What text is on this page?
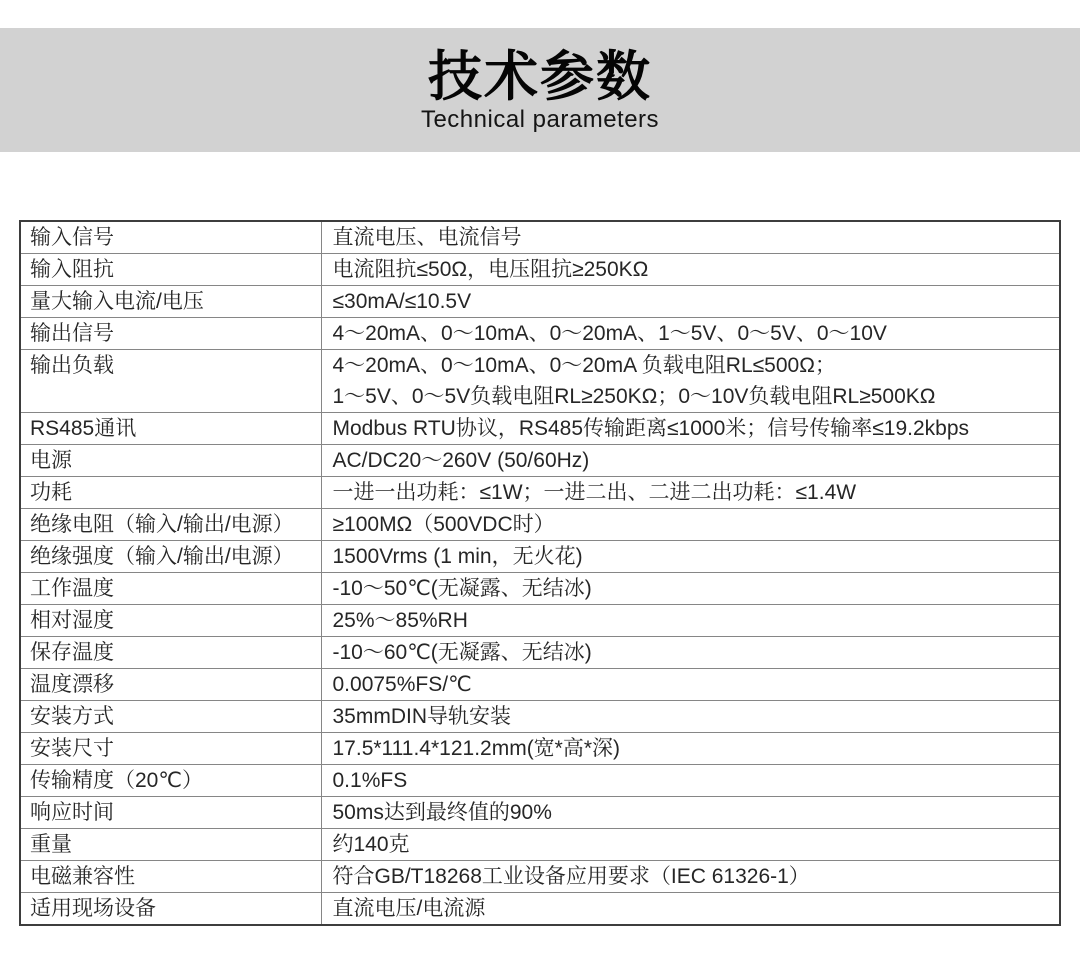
技术参数
Technical parameters
输入信号	直流电压、电流信号

输入阻抗	电流阻抗≤50Ω，电压阻抗≥250KΩ

量大输入电流/电压	≤30mA/≤10.5V

输出信号	4～20mA、0～10mA、0～20mA、1～5V、0～5V、0～10V

输出负载	4～20mA、0～10mA、0～20mA 负载电阻RL≤500Ω；
1～5V、0～5V负载电阻RL≥250KΩ；0～10V负载电阻RL≥500KΩ

RS485通讯	Modbus RTU协议，RS485传输距离≤1000米；信号传输率≤19.2kbps

电源	AC/DC20～260V (50/60Hz)

功耗	一进一出功耗：≤1W；一进二出、二进二出功耗：≤1.4W

绝缘电阻（输入/输出/电源）	≥100MΩ（500VDC时）

绝缘强度（输入/输出/电源）	1500Vrms (1 min，无火花)

工作温度	-10～50℃(无凝露、无结冰)

相对湿度	25%～85%RH

保存温度	-10～60℃(无凝露、无结冰)

温度漂移	0.0075%FS/℃

安装方式	35mmDIN导轨安装

安装尺寸	17.5*111.4*121.2mm(宽*高*深)

传输精度（20℃）	0.1%FS

响应时间	50ms达到最终值的90%

重量	约140克

电磁兼容性	符合GB/T18268工业设备应用要求（IEC 61326-1）

适用现场设备	直流电压/电流源
